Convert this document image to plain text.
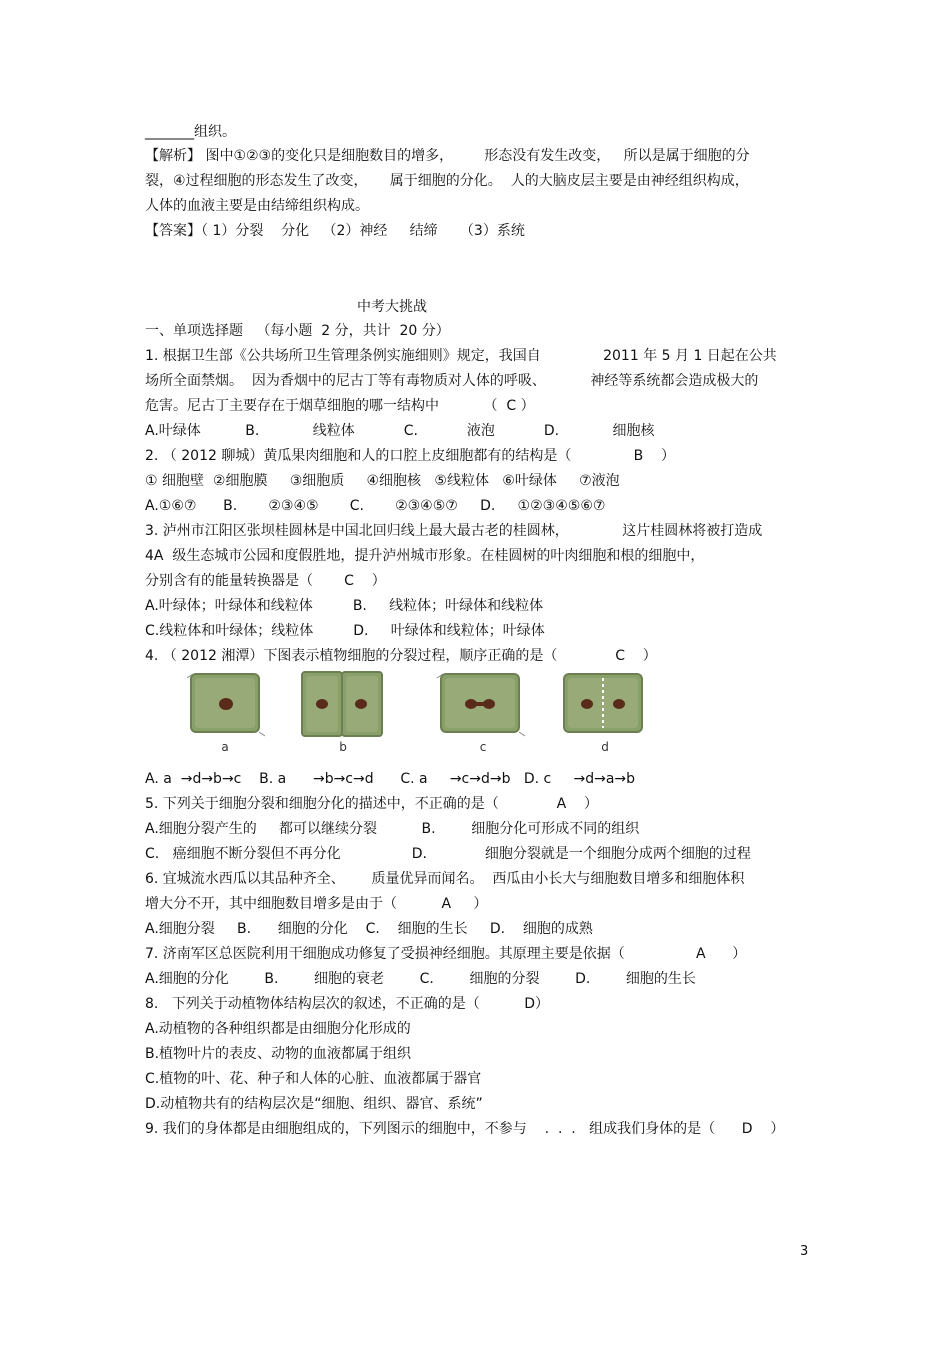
_______组织。
【解析】 图中①②③的变化只是细胞数目的增多，       形态没有发生改变，   所以是属于细胞的分
裂，④过程细胞的形态发生了改变，     属于细胞的分化。  人的大脑皮层主要是由神经组织构成，
人体的血液主要是由结缔组织构成。
【答案】（ 1）分裂    分化   （2）神经     结缔     （3）系统
中考大挑战
一、单项选择题   （每小题  2 分，共计  20 分）
1. 根据卫生部《公共场所卫生管理条例实施细则》规定，我国自              2011 年 5 月 1 日起在公共
场所全面禁烟。  因为香烟中的尼古丁等有毒物质对人体的呼吸、          神经等系统都会造成极大的
危害。尼古丁主要存在于烟草细胞的哪一结构中          （  C ）
A.叶绿体          B.            线粒体           C.           液泡           D.            细胞核
2. （ 2012 聊城）黄瓜果肉细胞和人的口腔上皮细胞都有的结构是（              B    ）
① 细胞壁  ②细胞膜     ③细胞质     ④细胞核   ⑤线粒体   ⑥叶绿体     ⑦液泡
A.①⑥⑦      B.       ②③④⑤       C.       ②③④⑤⑦     D.     ①②③④⑤⑥⑦
3. 泸州市江阳区张坝桂圆林是中国北回归线上最大最古老的桂圆林，            这片桂圆林将被打造成
4A  级生态城市公园和度假胜地，提升泸州城市形象。在桂圆树的叶肉细胞和根的细胞中，
分别含有的能量转换器是（       C    ）
A.叶绿体；叶绿体和线粒体         B.     线粒体；叶绿体和线粒体
C.线粒体和叶绿体；线粒体         D.     叶绿体和线粒体；叶绿体
4. （ 2012 湘潭）下图表示植物细胞的分裂过程，顺序正确的是（             C    ）
a	b	c	d
A. a  →d→b→c    B. a      →b→c→d      C. a     →c→d→b   D. c     →d→a→b
5. 下列关于细胞分裂和细胞分化的描述中，不正确的是（             A    ）
A.细胞分裂产生的     都可以继续分裂          B.        细胞分化可形成不同的组织
C.   癌细胞不断分裂但不再分化                D.             细胞分裂就是一个细胞分成两个细胞的过程
6. 宜城流水西瓜以其品种齐全、      质量优异而闻名。  西瓜由小长大与细胞数目增多和细胞体积
增大分不开，其中细胞数目增多是由于（          A     ）
A.细胞分裂     B.      细胞的分化    C.    细胞的生长     D.    细胞的成熟
7. 济南军区总医院利用干细胞成功修复了受损神经细胞。其原理主要是依据（                A      ）
A.细胞的分化        B.        细胞的衰老        C.        细胞的分裂        D.        细胞的生长
8.   下列关于动植物体结构层次的叙述，不正确的是（          D）
A.动植物的各种组织都是由细胞分化形成的
B.植物叶片的表皮、动物的血液都属于组织
C.植物的叶、花、种子和人体的心脏、血液都属于器官
D.动植物共有的结构层次是“细胞、组织、器官、系统”
9. 我们的身体都是由细胞组成的，下列图示的细胞中，不参与    .  .  .   组成我们身体的是（      D    ）
3
